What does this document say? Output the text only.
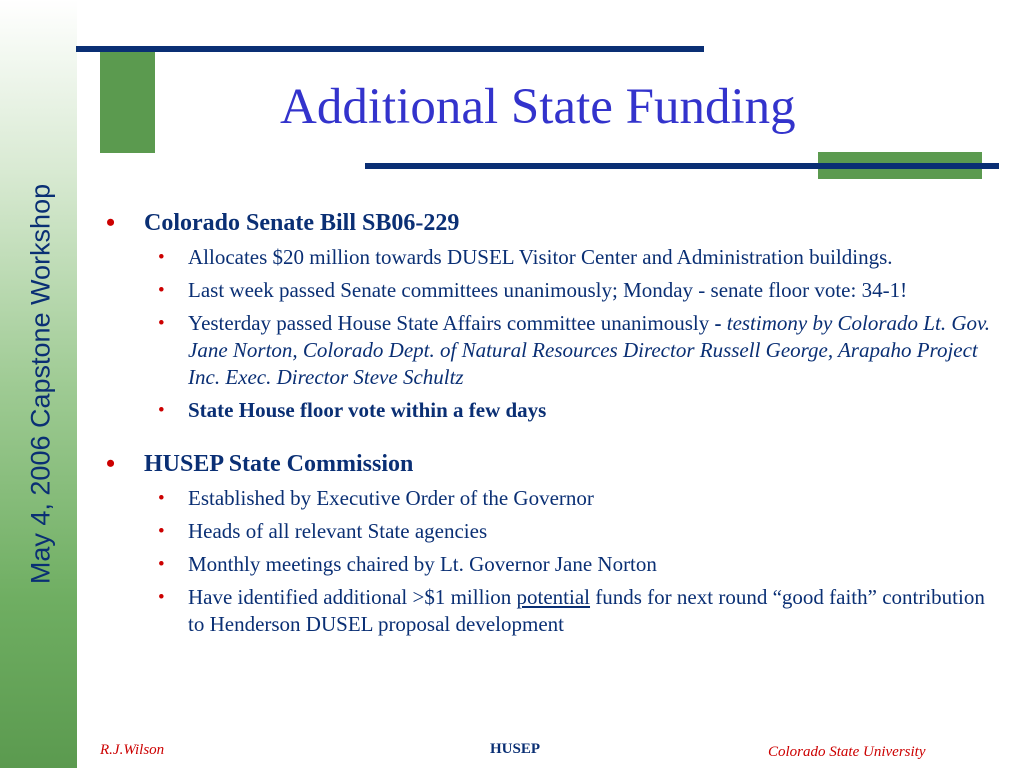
May 4, 2006 Capstone Workshop
Additional State Funding
• Colorado Senate Bill SB06-229
• Allocates $20 million towards DUSEL Visitor Center and Administration buildings.
• Last week passed Senate committees unanimously; Monday - senate floor vote: 34-1!
• Yesterday passed House State Affairs committee unanimously - testimony by Colorado Lt. Gov. Jane Norton, Colorado Dept. of Natural Resources Director Russell George, Arapaho Project Inc. Exec. Director Steve Schultz
• State House floor vote within a few days
• HUSEP State Commission
• Established by Executive Order of the Governor
• Heads of all relevant State agencies
• Monthly meetings chaired by Lt. Governor Jane Norton
• Have identified additional >$1 million potential funds for next round “good faith” contribution to Henderson DUSEL proposal development
R.J.Wilson	HUSEP	Colorado State University
